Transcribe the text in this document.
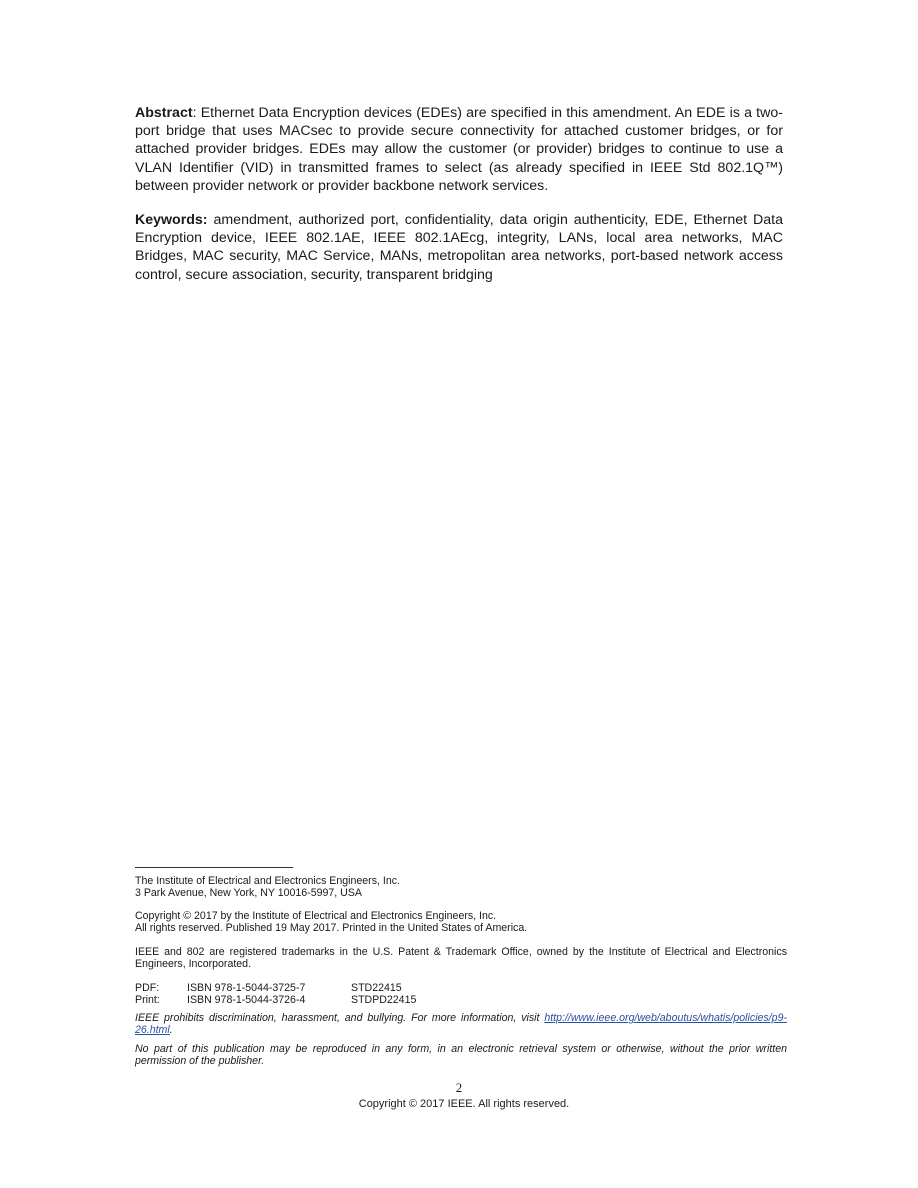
Abstract: Ethernet Data Encryption devices (EDEs) are specified in this amendment. An EDE is a two-port bridge that uses MACsec to provide secure connectivity for attached customer bridges, or for attached provider bridges. EDEs may allow the customer (or provider) bridges to continue to use a VLAN Identifier (VID) in transmitted frames to select (as already specified in IEEE Std 802.1Q™) between provider network or provider backbone network services.

Keywords: amendment, authorized port, confidentiality, data origin authenticity, EDE, Ethernet Data Encryption device, IEEE 802.1AE, IEEE 802.1AEcg, integrity, LANs, local area networks, MAC Bridges, MAC security, MAC Service, MANs, metropolitan area networks, port-based network access control, secure association, security, transparent bridging

The Institute of Electrical and Electronics Engineers, Inc.
3 Park Avenue, New York, NY 10016-5997, USA
Copyright © 2017 by the Institute of Electrical and Electronics Engineers, Inc.
All rights reserved. Published 19 May 2017. Printed in the United States of America.
IEEE and 802 are registered trademarks in the U.S. Patent & Trademark Office, owned by the Institute of Electrical and Electronics Engineers, Incorporated.
PDF:	ISBN 978-1-5044-3725-7	STD22415
Print:	ISBN 978-1-5044-3726-4	STDPD22415
IEEE prohibits discrimination, harassment, and bullying. For more information, visit http://www.ieee.org/web/aboutus/whatis/policies/p9-26.html.
No part of this publication may be reproduced in any form, in an electronic retrieval system or otherwise, without the prior written permission of the publisher.
2
Copyright © 2017 IEEE. All rights reserved.
